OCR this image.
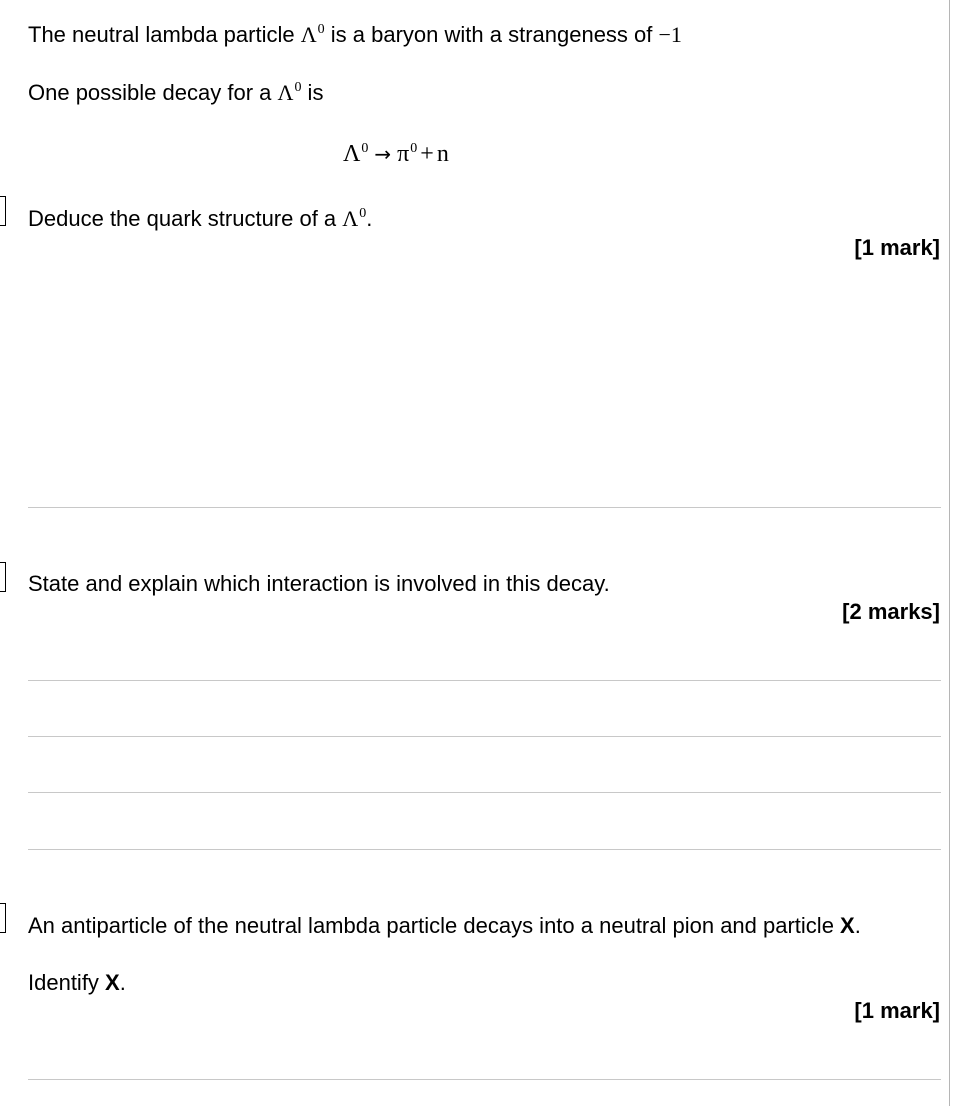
The neutral lambda particle $\Lambda^0$ is a baryon with a strangeness of −1
One possible decay for a $\Lambda^0$ is
$\Lambda^0 \to \pi^0 + n$
Deduce the quark structure of a $\Lambda^0$.
[1 mark]
State and explain which interaction is involved in this decay.
[2 marks]
An antiparticle of the neutral lambda particle decays into a neutral pion and particle X.
Identify X.
[1 mark]
